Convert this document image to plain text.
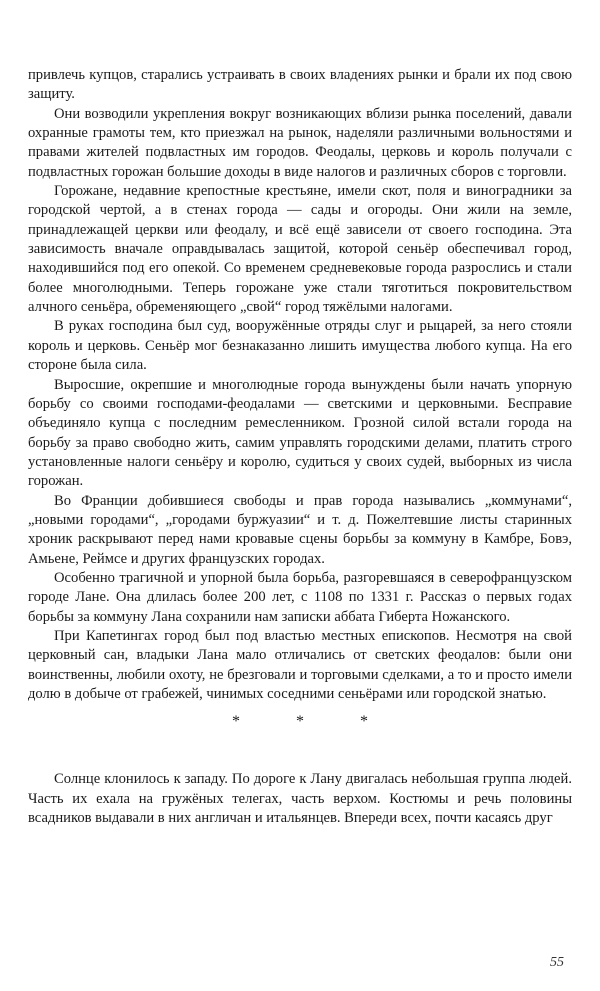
привлечь купцов, старались устраивать в своих владениях рынки и брали их под свою защиту.

Они возводили укрепления вокруг возникающих вблизи рынка поселений, давали охранные грамоты тем, кто приезжал на рынок, наделяли различными вольностями и правами жителей подвластных им городов. Феодалы, церковь и король получали с подвластных горожан большие доходы в виде налогов и различных сборов с торговли.

Горожане, недавние крепостные крестьяне, имели скот, поля и виноградники за городской чертой, а в стенах города — сады и огороды. Они жили на земле, принадлежащей церкви или феодалу, и всё ещё зависели от своего господина. Эта зависимость вначале оправдывалась защитой, которой сеньёр обеспечивал город, находившийся под его опекой. Со временем средневековые города разрослись и стали более многолюдными. Теперь горожане уже стали тяготиться покровительством алчного сеньёра, обременяющего „свой“ город тяжёлыми налогами.

В руках господина был суд, вооружённые отряды слуг и рыцарей, за него стояли король и церковь. Сеньёр мог безнаказанно лишить имущества любого купца. На его стороне была сила.

Выросшие, окрепшие и многолюдные города вынуждены были начать упорную борьбу со своими господами-феодалами — светскими и церковными. Бесправие объединяло купца с последним ремесленником. Грозной силой встали города на борьбу за право свободно жить, самим управлять городскими делами, платить строго установленные налоги сеньёру и королю, судиться у своих судей, выборных из числа горожан.

Во Франции добившиеся свободы и прав города назывались „коммунами“, „новыми городами“, „городами буржуазии“ и т. д. Пожелтевшие листы старинных хроник раскрывают перед нами кровавые сцены борьбы за коммуну в Камбре, Бовэ, Амьене, Реймсе и других французских городах.

Особенно трагичной и упорной была борьба, разгоревшаяся в северофранцузском городе Лане. Она длилась более 200 лет, с 1108 по 1331 г. Рассказ о первых годах борьбы за коммуну Лана сохранили нам записки аббата Гиберта Ножанского.

При Капетингах город был под властью местных епископов. Несмотря на свой церковный сан, владыки Лана мало отличались от светских феодалов: были они воинственны, любили охоту, не брезговали и торговыми сделками, а то и просто имели долю в добыче от грабежей, чинимых соседними сеньёрами или городской знатью.

* * *

Солнце клонилось к западу. По дороге к Лану двигалась небольшая группа людей. Часть их ехала на гружёных телегах, часть верхом. Костюмы и речь половины всадников выдавали в них англичан и итальянцев. Впереди всех, почти касаясь друг

55
